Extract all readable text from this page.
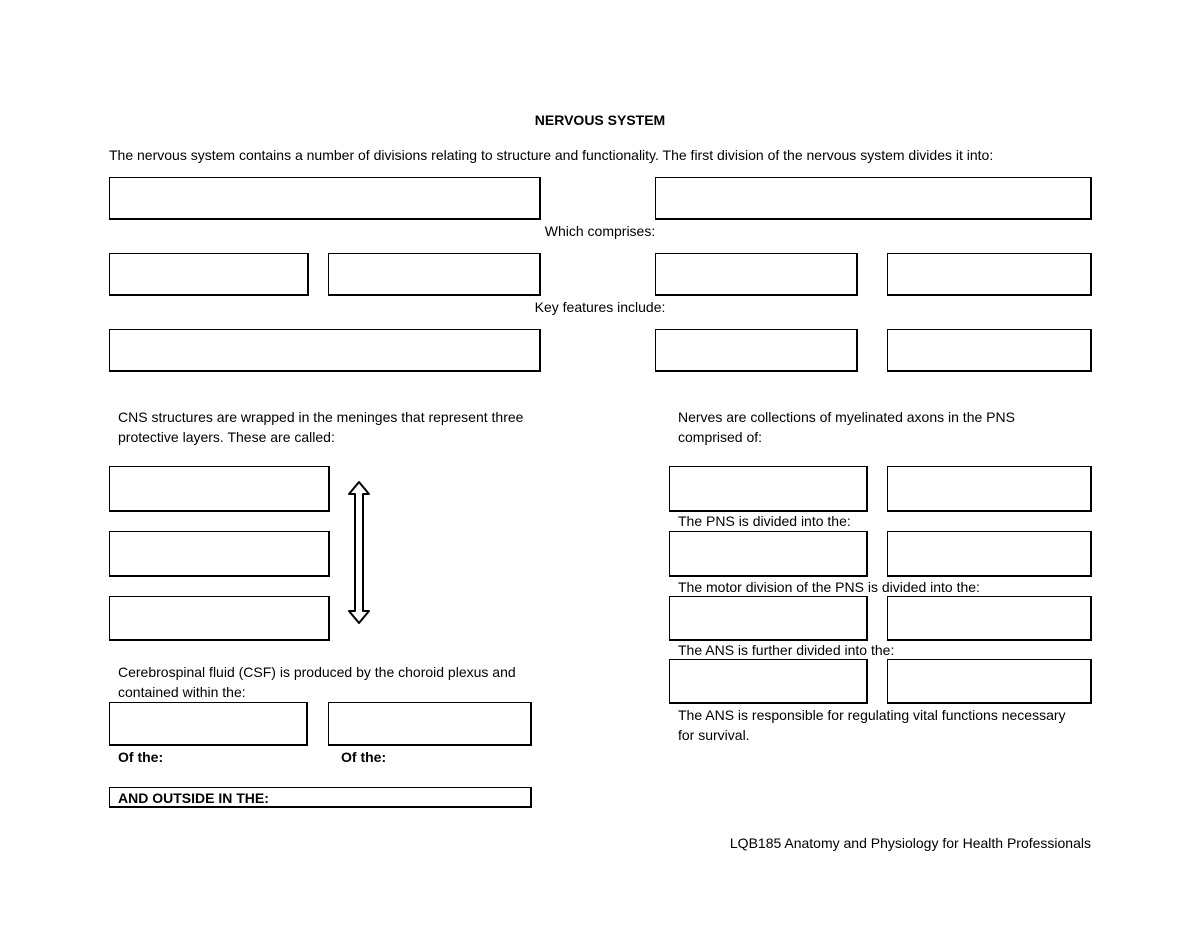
NERVOUS SYSTEM
The nervous system contains a number of divisions relating to structure and functionality. The first division of the nervous system divides it into:
Which comprises:
Key features include:
CNS structures are wrapped in the meninges that represent three protective layers. These are called:
Cerebrospinal fluid (CSF) is produced by the choroid plexus and contained within the:
Of the:	Of the:
AND OUTSIDE IN THE:
Nerves are collections of myelinated axons in the PNS comprised of:
The PNS is divided into the:
The motor division of the PNS is divided into the:
The ANS is further divided into the:
The ANS is responsible for regulating vital functions necessary for survival.
LQB185 Anatomy and Physiology for Health Professionals
